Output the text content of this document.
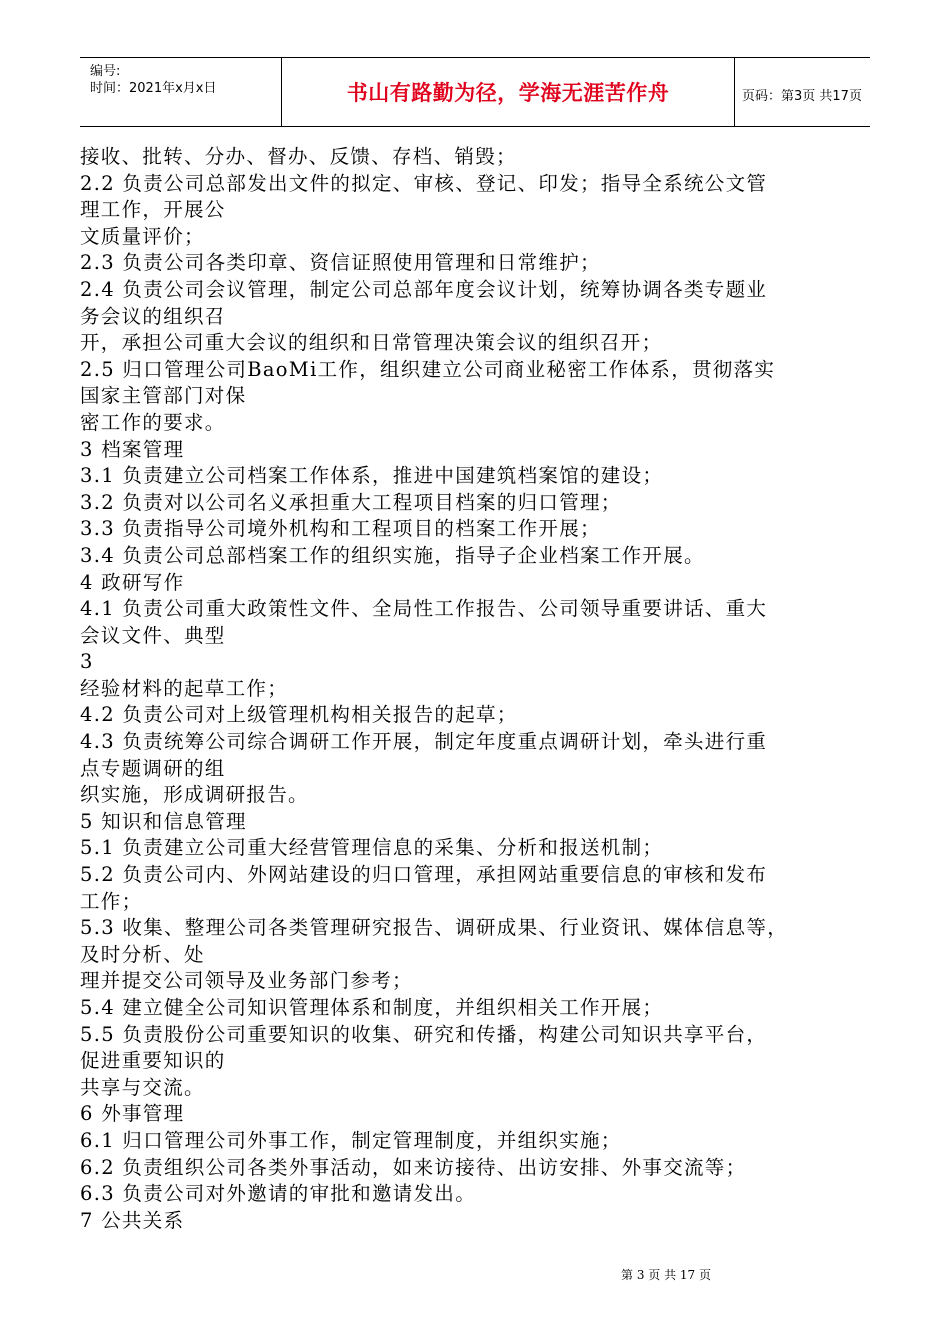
编号:
时间：2021年x月x日	书山有路勤为径，学海无涯苦作舟	页码：第3页 共17页
接收、批转、分办、督办、反馈、存档、销毁；
2.2 负责公司总部发出文件的拟定、审核、登记、印发；指导全系统公文管
理工作，开展公
文质量评价；
2.3 负责公司各类印章、资信证照使用管理和日常维护；
2.4 负责公司会议管理，制定公司总部年度会议计划，统筹协调各类专题业
务会议的组织召
开，承担公司重大会议的组织和日常管理决策会议的组织召开；
2.5 归口管理公司BaoMi工作，组织建立公司商业秘密工作体系，贯彻落实
国家主管部门对保
密工作的要求。
3 档案管理
3.1 负责建立公司档案工作体系，推进中国建筑档案馆的建设；
3.2 负责对以公司名义承担重大工程项目档案的归口管理；
3.3 负责指导公司境外机构和工程项目的档案工作开展；
3.4 负责公司总部档案工作的组织实施，指导子企业档案工作开展。
4 政研写作
4.1 负责公司重大政策性文件、全局性工作报告、公司领导重要讲话、重大
会议文件、典型
3
经验材料的起草工作；
4.2 负责公司对上级管理机构相关报告的起草；
4.3 负责统筹公司综合调研工作开展，制定年度重点调研计划，牵头进行重
点专题调研的组
织实施，形成调研报告。
5 知识和信息管理
5.1 负责建立公司重大经营管理信息的采集、分析和报送机制；
5.2 负责公司内、外网站建设的归口管理，承担网站重要信息的审核和发布
工作；
5.3 收集、整理公司各类管理研究报告、调研成果、行业资讯、媒体信息等，
及时分析、处
理并提交公司领导及业务部门参考；
5.4 建立健全公司知识管理体系和制度，并组织相关工作开展；
5.5 负责股份公司重要知识的收集、研究和传播，构建公司知识共享平台，
促进重要知识的
共享与交流。
6 外事管理
6.1 归口管理公司外事工作，制定管理制度，并组织实施；
6.2 负责组织公司各类外事活动，如来访接待、出访安排、外事交流等；
6.3 负责公司对外邀请的审批和邀请发出。
7 公共关系
第 3 页 共 17 页
